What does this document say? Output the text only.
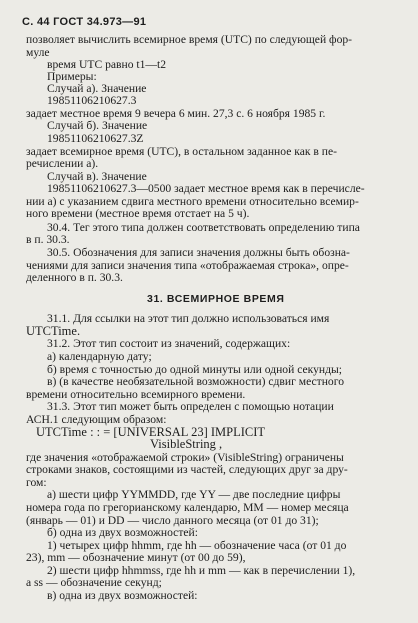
С. 44 ГОСТ 34.973—91
позволяет вычислить всемирное время (UTC) по следующей фор-
муле
время UTC равно t1—t2
Примеры:
Случай а). Значение
19851106210627.3
задает местное время 9 вечера 6 мин. 27,3 с. 6 ноября 1985 г.
Случай б). Значение
19851106210627.3Z
задает всемирное время (UTC), в остальном заданное как в пе-
речислении а).
Случай в). Значение
19851106210627.3—0500 задает местное время как в перечисле-
нии а) с указанием сдвига местного времени относительно всемир-
ного времени (местное время отстает на 5 ч).
30.4. Тег этого типа должен соответствовать определению типа
в п. 30.3.
30.5. Обозначения для записи значения должны быть обозна-
чениями для записи значения типа «отображаемая строка», опре-
деленного в п. 30.3.
31. ВСЕМИРНОЕ ВРЕМЯ
31.1. Для ссылки на этот тип должно использоваться имя
UTCTime.
31.2. Этот тип состоит из значений, содержащих:
а) календарную дату;
б) время с точностью до одной минуты или одной секунды;
в) (в качестве необязательной возможности) сдвиг местного
времени относительно всемирного времени.
31.3. Этот тип может быть определен с помощью нотации
АСН.1 следующим образом:
UTCTime : : = [UNIVERSAL 23] IMPLICIT
VisibleString ,
где значения «отображаемой строки» (VisibleString) ограничены
строками знаков, состоящими из частей, следующих друг за дру-
гом:
а) шести цифр YYMMDD, где YY — две последние цифры
номера года по грегорианскому календарю, ММ — номер месяца
(январь — 01) и DD — число данного месяца (от 01 до 31);
б) одна из двух возможностей:
1) четырех цифр hhmm, где hh — обозначение часа (от 01 до
23), mm — обозначение минут (от 00 до 59),
2) шести цифр hhmmss, где hh и mm — как в перечислении 1),
а ss — обозначение секунд;
в) одна из двух возможностей:
